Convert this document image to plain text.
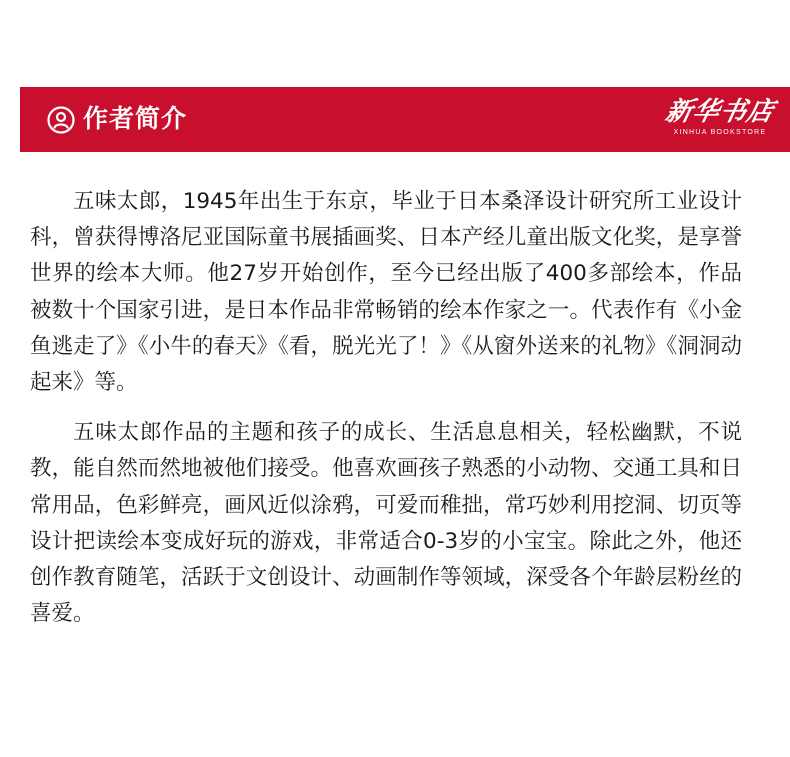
作者简介	新华书店
XINHUA BOOKSTORE

五味太郎，1945年出生于东京，毕业于日本桑泽设计研究所工业设计科，曾获得博洛尼亚国际童书展插画奖、日本产经儿童出版文化奖，是享誉世界的绘本大师。他27岁开始创作，至今已经出版了400多部绘本，作品被数十个国家引进，是日本作品非常畅销的绘本作家之一。代表作有《小金鱼逃走了》《小牛的春天》《看，脱光光了！》《从窗外送来的礼物》《洞洞动起来》等。

五味太郎作品的主题和孩子的成长、生活息息相关，轻松幽默，不说教，能自然而然地被他们接受。他喜欢画孩子熟悉的小动物、交通工具和日常用品，色彩鲜亮，画风近似涂鸦，可爱而稚拙，常巧妙利用挖洞、切页等设计把读绘本变成好玩的游戏，非常适合0-3岁的小宝宝。除此之外，他还创作教育随笔，活跃于文创设计、动画制作等领域，深受各个年龄层粉丝的喜爱。
